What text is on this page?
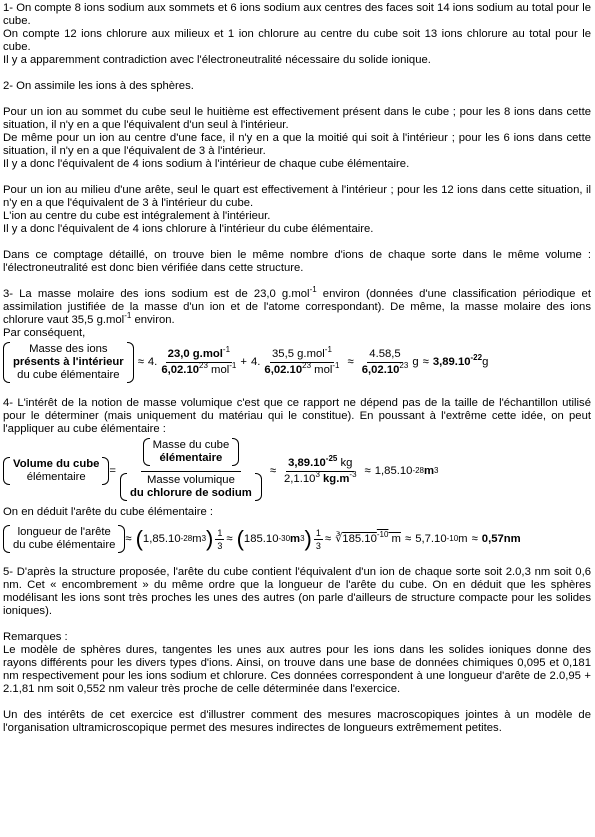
1- On compte 8 ions sodium aux sommets et 6 ions sodium aux centres des faces soit 14 ions sodium au total pour le cube.

On compte 12 ions chlorure aux milieux et 1 ion chlorure au centre du cube soit 13 ions chlorure au total pour le cube.

Il y a apparemment contradiction avec l'électroneutralité nécessaire du solide ionique.

2- On assimile les ions à des sphères.

Pour un ion au sommet du cube seul le huitième est effectivement présent dans le cube ; pour les 8 ions dans cette situation, il n'y en a que l'équivalent d'un seul à l'intérieur.

De même pour un ion au centre d'une face, il n'y en a que la moitié qui soit à l'intérieur ; pour les 6 ions dans cette situation, il n'y en a que l'équivalent de 3 à l'intérieur.

Il y a donc l'équivalent de 4 ions sodium à l'intérieur de chaque cube élémentaire.

Pour un ion au milieu d'une arête, seul le quart est effectivement à l'intérieur ; pour les 12 ions dans cette situation, il n'y en a que l'équivalent de 3 à l'intérieur du cube.

L'ion au centre du cube est intégralement à l'intérieur.

Il y a donc l'équivalent de 4 ions chlorure à l'intérieur du cube élémentaire.

Dans ce comptage détaillé, on trouve bien le même nombre d'ions de chaque sorte dans le même volume : l'électroneutralité est donc bien vérifiée dans cette structure.

3- La masse molaire des ions sodium est de 23,0 g.mol$^{-1}$ environ (données d'une classification périodique et assimilation justifiée de la masse d'un ion et de l'atome correspondant). De même, la masse molaire des ions chlorure vaut 35,5 g.mol$^{-1}$ environ.

Par conséquent,

Masse des ions
présents à l'intérieur
du cube élémentaire
≈ 4. $\frac{23,0 g.mol^{-1}}{6,02.10^{23} mol^{-1}} + 4$. $\frac{35,5 g.mol^{-1}}{6,02.10^{23} mol^{-1}} \approx \frac{4.58,5}{6,02.10^{23}}$ $g \approx 3,89.10^{-22}$ g

4- L'intérêt de la notion de masse volumique c'est que ce rapport ne dépend pas de la taille de l'échantillon utilisé pour le déterminer (mais uniquement du matériau qui le constitue). En poussant à l'extrême cette idée, on peut l'appliquer au cube élémentaire :

Volume du cube
élémentaire
= Masse du cube
élémentaire
Masse volumique
du chlorure de sodium ≈ $\frac{3,89.10^{-25} kg}{2,1.10^3 kg.m^{-3}} \approx 1,85.10$ -28 m 3

On en déduit l'arête du cube élémentaire :

longueur de l'arête
du cube élémentaire
≈ ( 1,85.10 -28 m 3 ) $\frac{1}{3}$ ≈ ( 185.10 -30 m 3 ) $\frac{1}{3}$ ≈ ∛ $185.10^{-10}$ m ≈ 5,7.10 -10 m ≈ 0,57nm

5- D'après la structure proposée, l'arête du cube contient l'équivalent d'un ion de chaque sorte soit 2.0,3 nm soit 0,6 nm. Cet « encombrement » du même ordre que la longueur de l'arête du cube. On en déduit que les sphères modélisant les ions sont très proches les unes des autres (on parle d'ailleurs de structure compacte pour les solides ioniques).

Remarques :

Le modèle de sphères dures, tangentes les unes aux autres pour les ions dans les solides ioniques donne des rayons différents pour les divers types d'ions. Ainsi, on trouve dans une base de données chimiques 0,095 et 0,181 nm respectivement pour les ions sodium et chlorure. Ces données correspondent à une longueur d'arête de 2.0,95 + 2.1,81 nm soit 0,552 nm valeur très proche de celle déterminée dans l'exercice.

Un des intérêts de cet exercice est d'illustrer comment des mesures macroscopiques jointes à un modèle de l'organisation ultramicroscopique permet des mesures indirectes de longueurs extrêmement petites.
